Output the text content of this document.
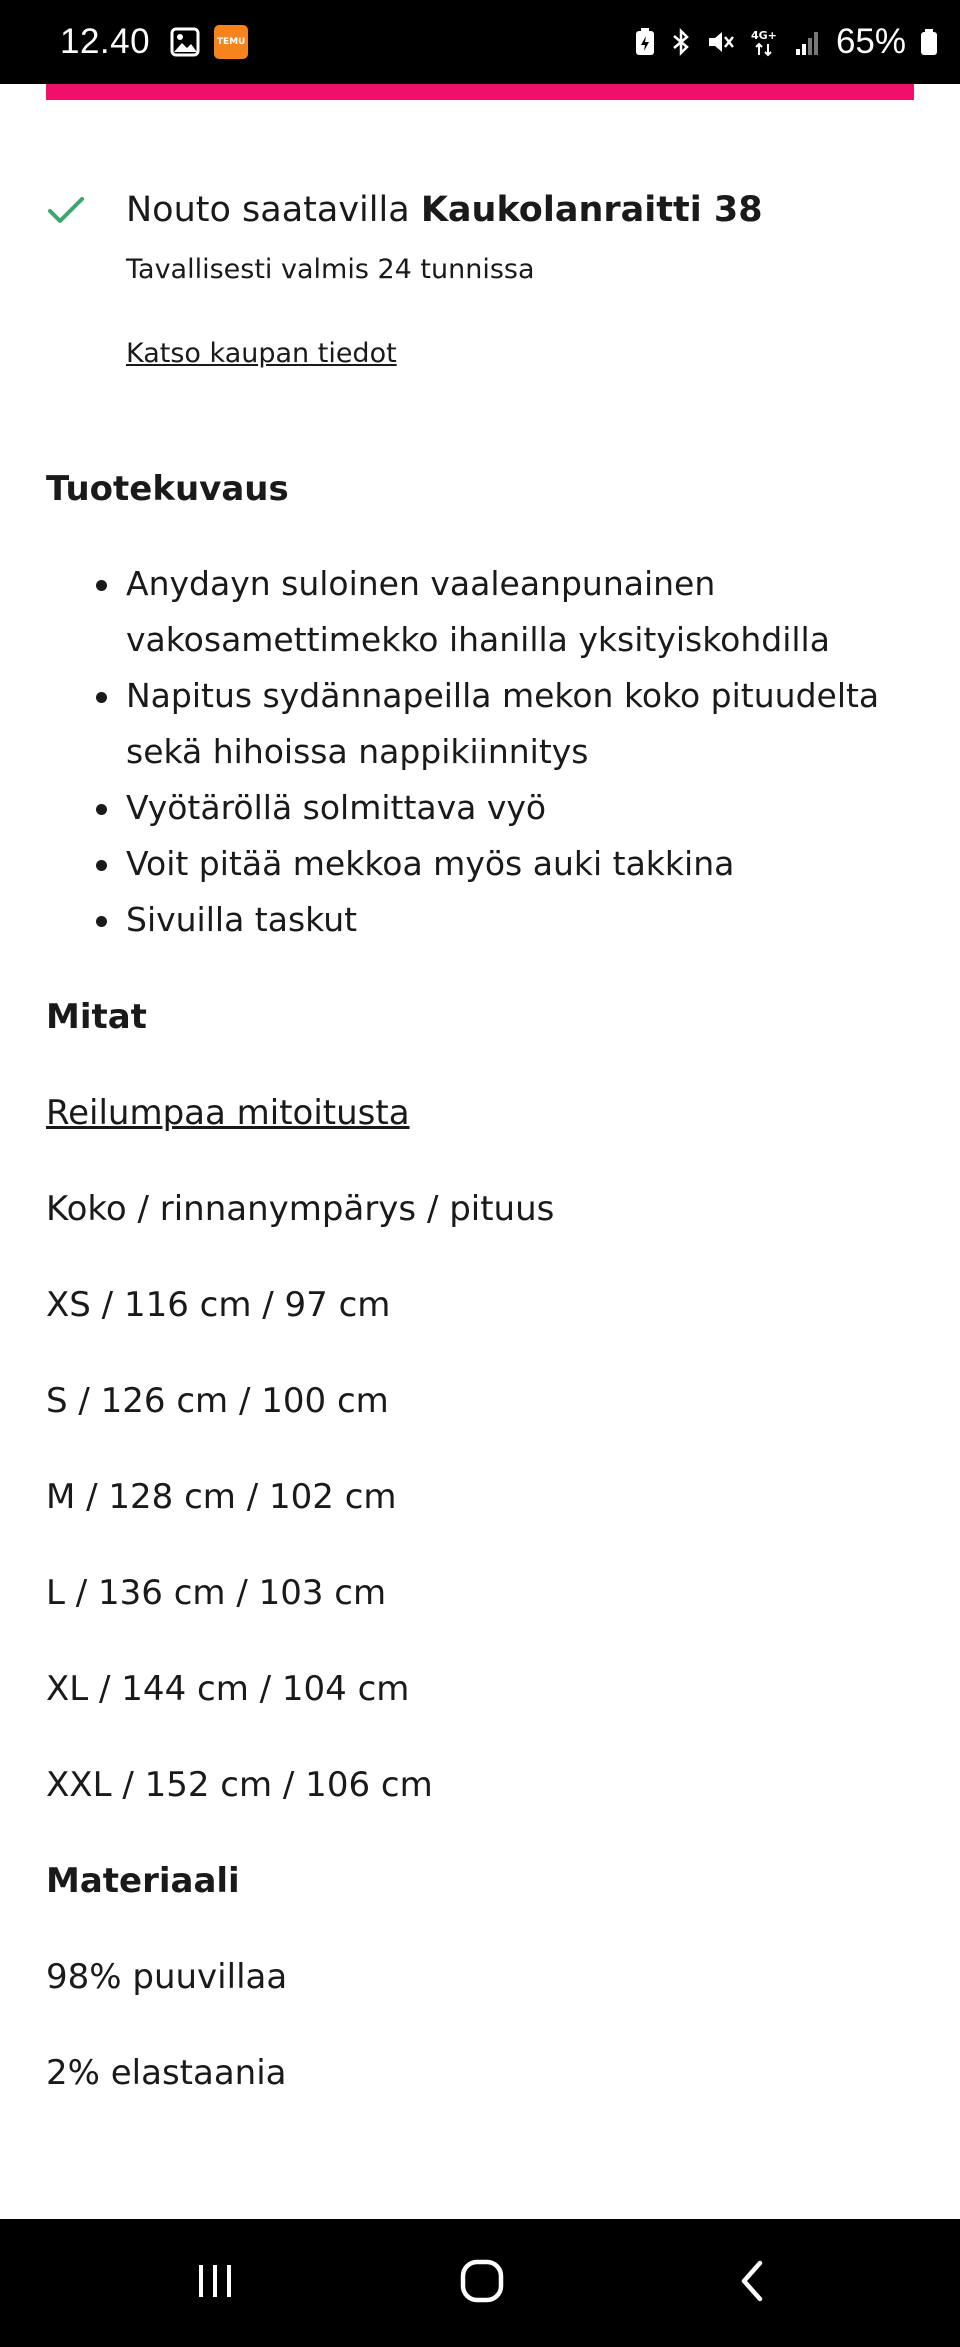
12.40	TEMU	4G+ 65%
Nouto saatavilla Kaukolanraitti 38
Tavallisesti valmis 24 tunnissa
Katso kaupan tiedot
Tuotekuvaus
Anydayn suloinen vaaleanpunainen vakosamettimekko ihanilla yksityiskohdilla
Napitus sydännapeilla mekon koko pituudelta sekä hihoissa nappikiinnitys
Vyötäröllä solmittava vyö
Voit pitää mekkoa myös auki takkina
Sivuilla taskut
Mitat
Reilumpaa mitoitusta
Koko / rinnanympärys / pituus
XS / 116 cm / 97 cm
S / 126 cm / 100 cm
M / 128 cm / 102 cm
L / 136 cm / 103 cm
XL / 144 cm / 104 cm
XXL / 152 cm / 106 cm
Materiaali
98% puuvillaa
2% elastaania
